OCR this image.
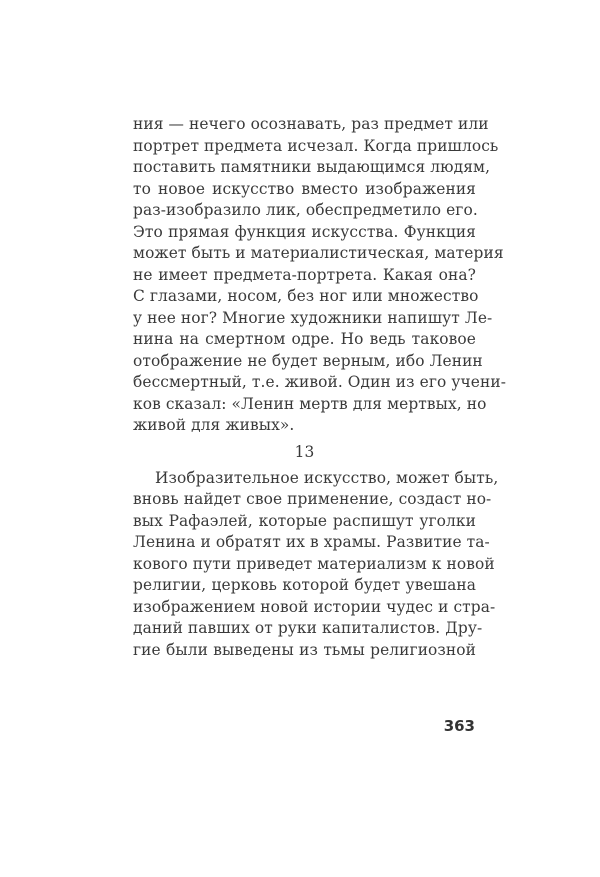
ния — нечего осознавать, раз предмет или
портрет предмета исчезал. Когда пришлось
поставить памятники выдающимся людям,
то новое искусство вместо изображения
раз-изобразило лик, обеспредметило его.
Это прямая функция искусства. Функция
может быть и материалистическая, материя
не имеет предмета-портрета. Какая она?
С глазами, носом, без ног или множество
у нее ног? Многие художники напишут Ле-
нина на смертном одре. Но ведь таковое
отображение не будет верным, ибо Ленин
бессмертный, т.е. живой. Один из его учени-
ков сказал: «Ленин мертв для мертвых, но
живой для живых».
13
Изобразительное искусство, может быть,
вновь найдет свое применение, создаст но-
вых Рафаэлей, которые распишут уголки
Ленина и обратят их в храмы. Развитие та-
кового пути приведет материализм к новой
религии, церковь которой будет увешана
изображением новой истории чудес и стра-
даний павших от руки капиталистов. Дру-
гие были выведены из тьмы религиозной
363
